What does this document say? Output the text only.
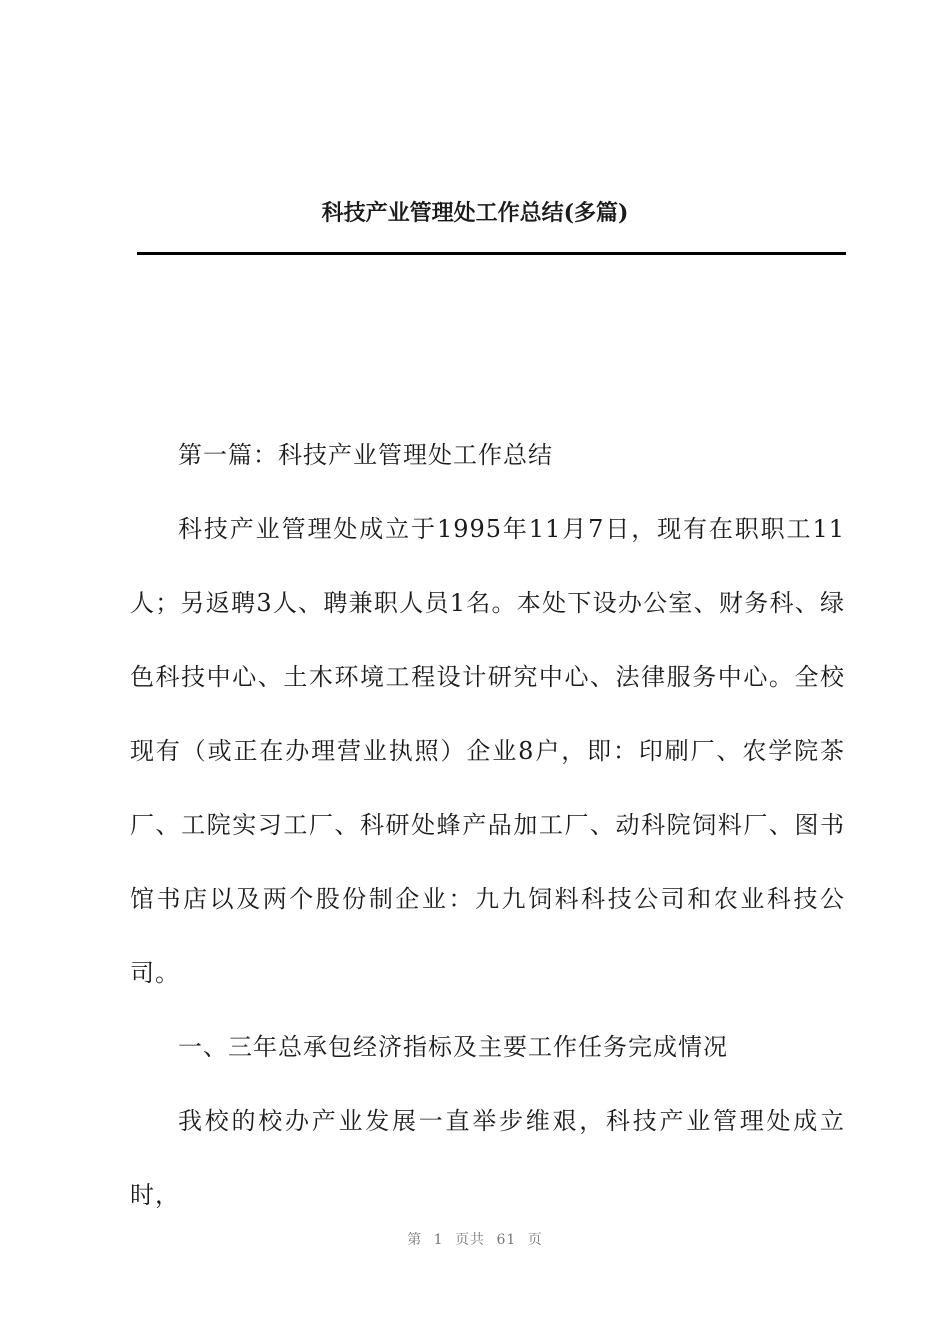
科技产业管理处工作总结(多篇)

第一篇：科技产业管理处工作总结

科技产业管理处成立于1995年11月7日，现有在职职工11人；另返聘3人、聘兼职人员1名。本处下设办公室、财务科、绿色科技中心、土木环境工程设计研究中心、法律服务中心。全校现有（或正在办理营业执照）企业8户，即：印刷厂、农学院茶厂、工院实习工厂、科研处蜂产品加工厂、动科院饲料厂、图书馆书店以及两个股份制企业：九九饲料科技公司和农业科技公司。

一、三年总承包经济指标及主要工作任务完成情况

我校的校办产业发展一直举步维艰，科技产业管理处成立时，

第 1 页共 61 页
